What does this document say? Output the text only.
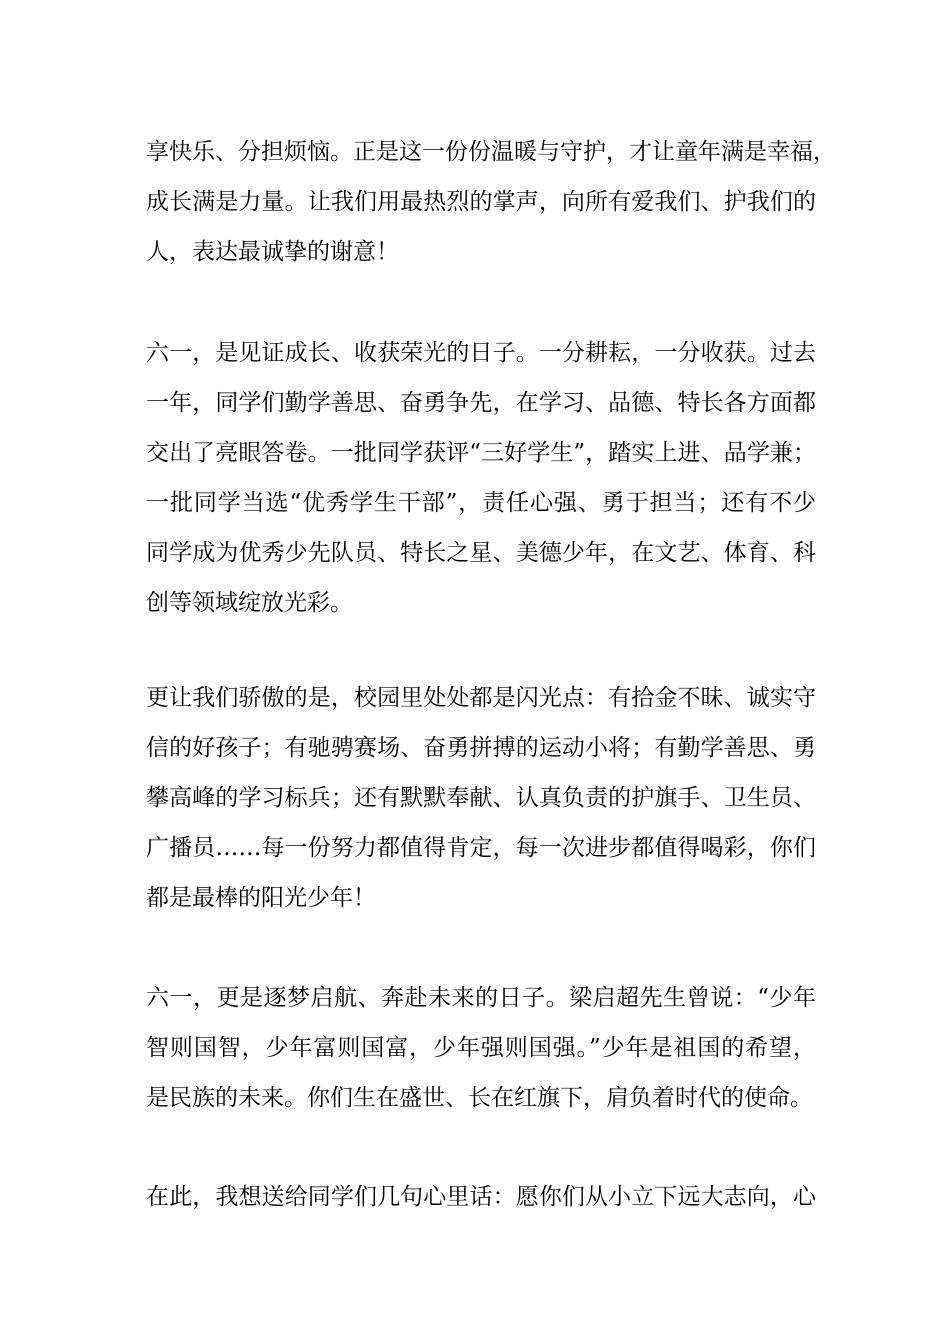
享快乐、分担烦恼。正是这一份份温暖与守护，才让童年满是幸福，
成长满是力量。让我们用最热烈的掌声，向所有爱我们、护我们的
人，表达最诚挚的谢意！
六一，是见证成长、收获荣光的日子。一分耕耘，一分收获。过去
一年，同学们勤学善思、奋勇争先，在学习、品德、特长各方面都
交出了亮眼答卷。一批同学获评“三好学生”，踏实上进、品学兼；
一批同学当选“优秀学生干部”，责任心强、勇于担当；还有不少
同学成为优秀少先队员、特长之星、美德少年，在文艺、体育、科
创等领域绽放光彩。
更让我们骄傲的是，校园里处处都是闪光点：有拾金不昧、诚实守
信的好孩子；有驰骋赛场、奋勇拼搏的运动小将；有勤学善思、勇
攀高峰的学习标兵；还有默默奉献、认真负责的护旗手、卫生员、
广播员……每一份努力都值得肯定，每一次进步都值得喝彩，你们
都是最棒的阳光少年！
六一，更是逐梦启航、奔赴未来的日子。梁启超先生曾说：“少年
智则国智，少年富则国富，少年强则国强。”少年是祖国的希望，
是民族的未来。你们生在盛世、长在红旗下，肩负着时代的使命。
在此，我想送给同学们几句心里话：愿你们从小立下远大志向，心
